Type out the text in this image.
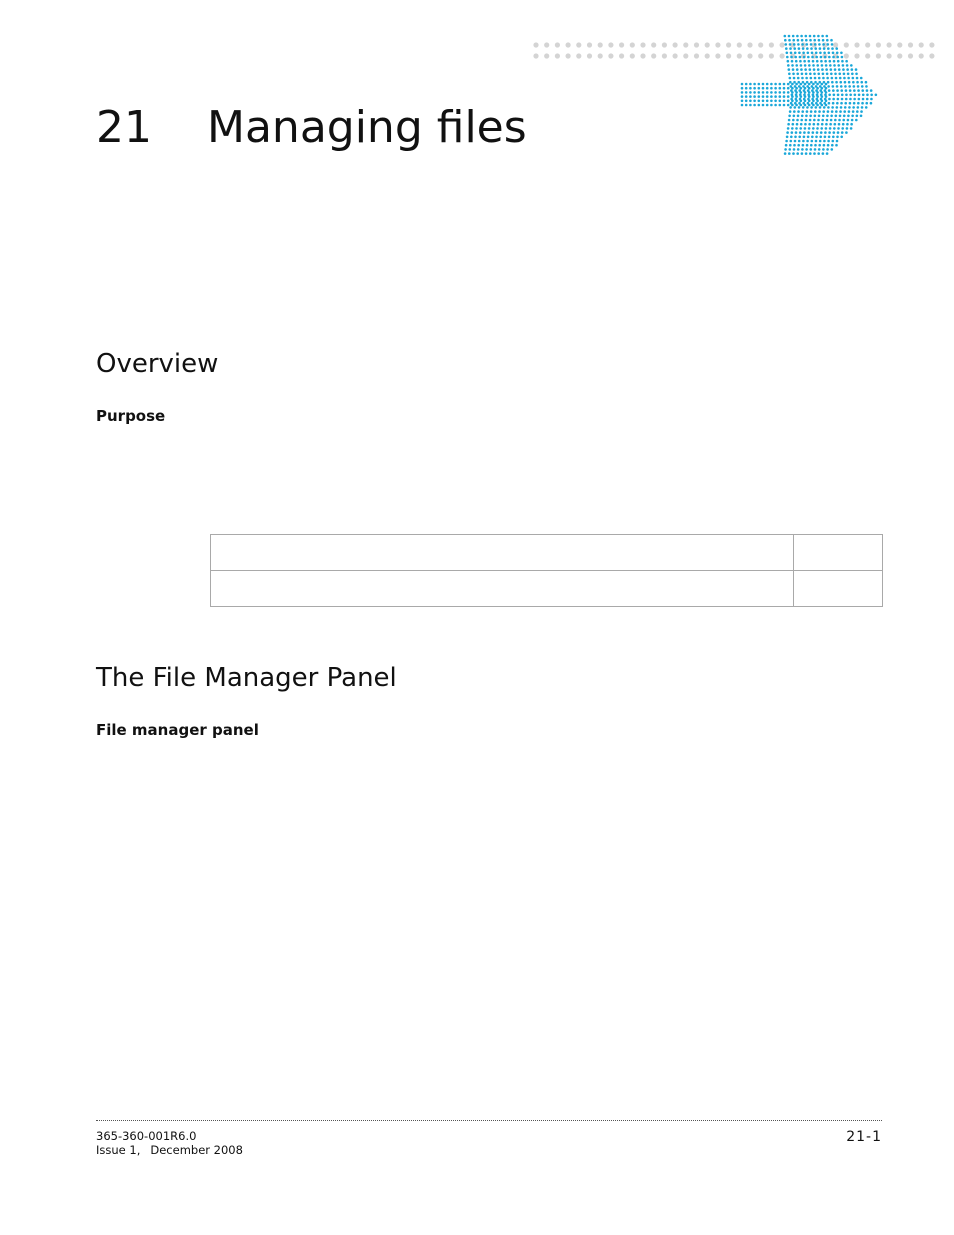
21 Managing files
Overview
Purpose

The File Manager Panel
File manager panel
365-360-001R6.0
Issue 1, December 2008
21-1
